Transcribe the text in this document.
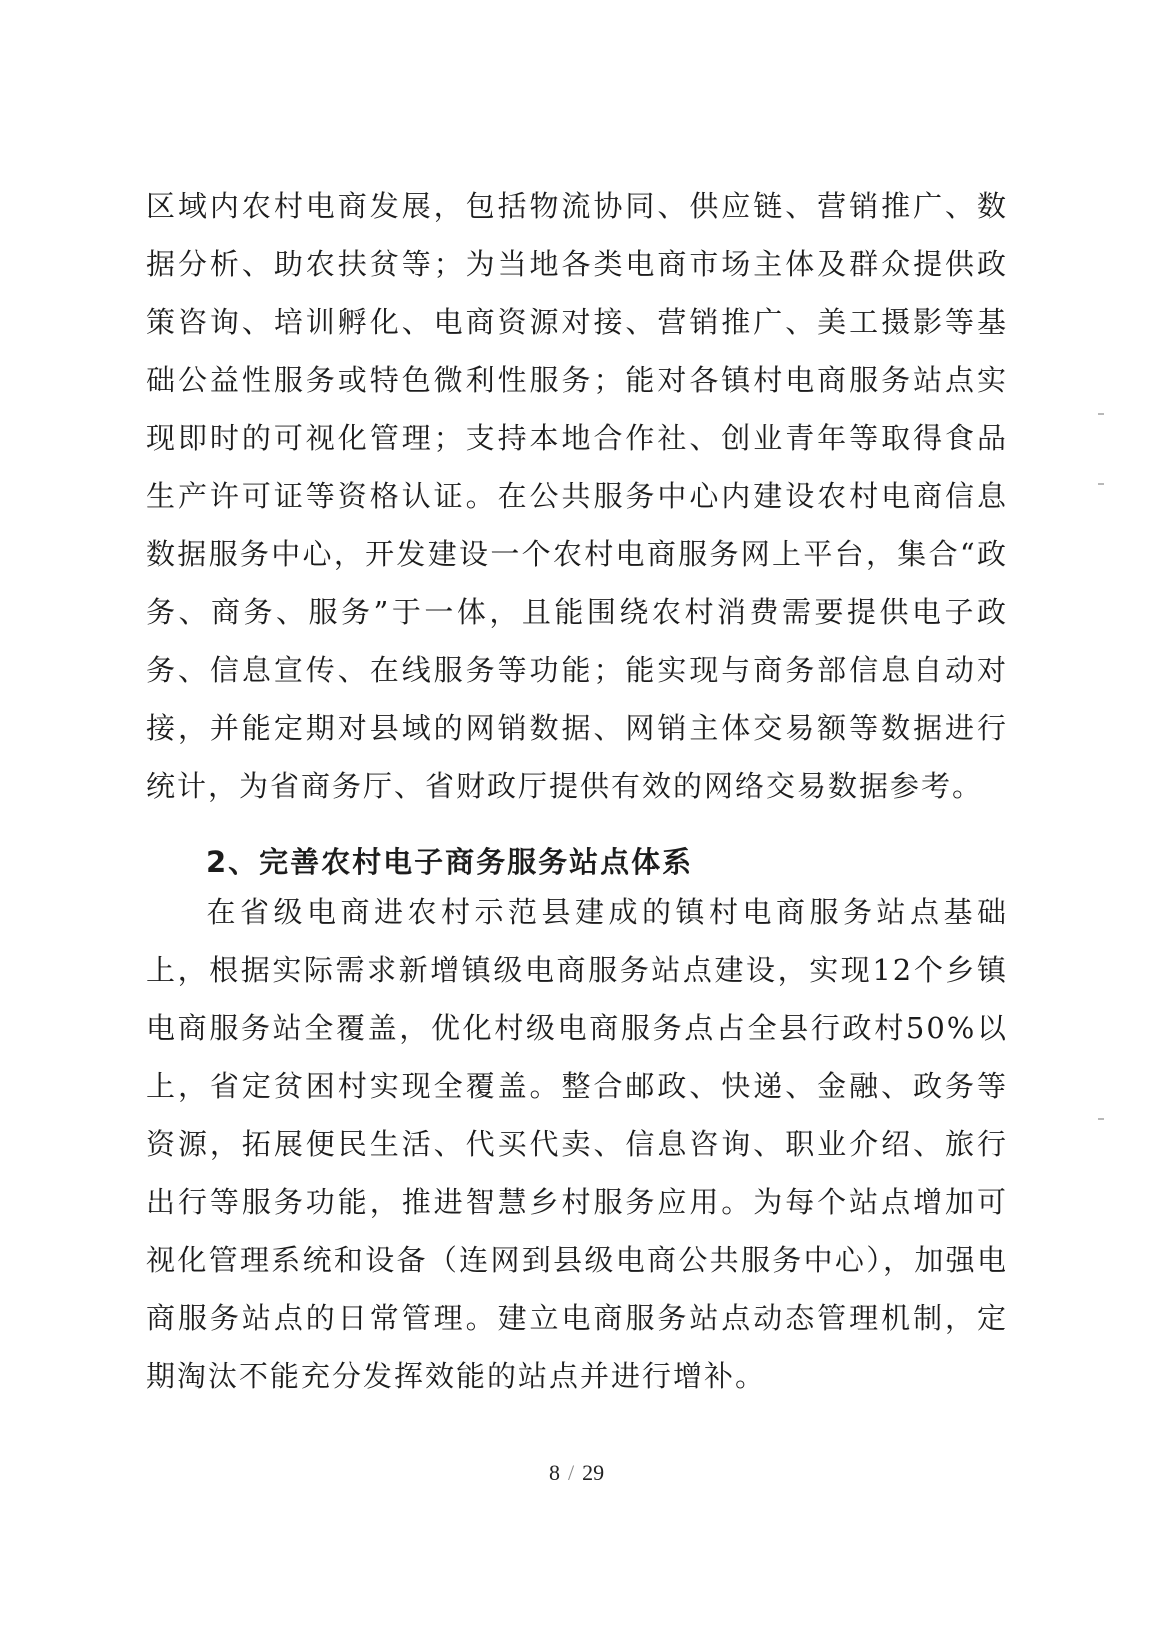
区域内农村电商发展，包括物流协同、供应链、营销推广、数据分析、助农扶贫等；为当地各类电商市场主体及群众提供政策咨询、培训孵化、电商资源对接、营销推广、美工摄影等基础公益性服务或特色微利性服务；能对各镇村电商服务站点实现即时的可视化管理；支持本地合作社、创业青年等取得食品生产许可证等资格认证。在公共服务中心内建设农村电商信息数据服务中心，开发建设一个农村电商服务网上平台，集合“政务、商务、服务”于一体，且能围绕农村消费需要提供电子政务、信息宣传、在线服务等功能；能实现与商务部信息自动对接，并能定期对县域的网销数据、网销主体交易额等数据进行统计，为省商务厅、省财政厅提供有效的网络交易数据参考。
2、完善农村电子商务服务站点体系
在省级电商进农村示范县建成的镇村电商服务站点基础上，根据实际需求新增镇级电商服务站点建设，实现12个乡镇电商服务站全覆盖，优化村级电商服务点占全县行政村50%以上，省定贫困村实现全覆盖。整合邮政、快递、金融、政务等资源，拓展便民生活、代买代卖、信息咨询、职业介绍、旅行出行等服务功能，推进智慧乡村服务应用。为每个站点增加可视化管理系统和设备（连网到县级电商公共服务中心），加强电商服务站点的日常管理。建立电商服务站点动态管理机制，定期淘汰不能充分发挥效能的站点并进行增补。
8 / 29
